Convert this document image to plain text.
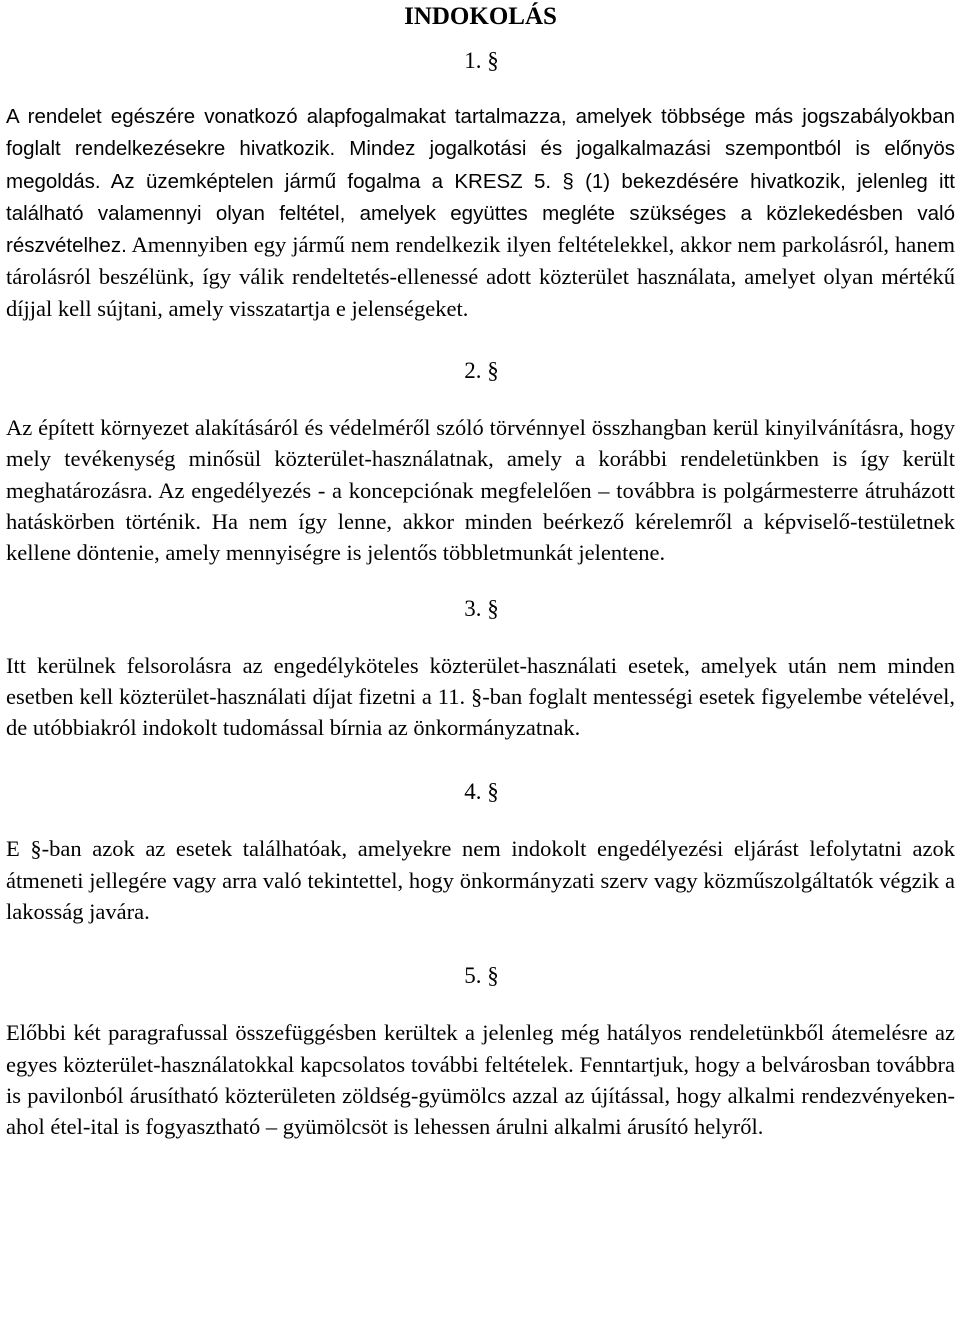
INDOKOLÁS
1. §

A rendelet egészére vonatkozó alapfogalmakat tartalmazza, amelyek többsége más jogszabályokban foglalt rendelkezésekre hivatkozik. Mindez jogalkotási és jogalkalmazási szempontból is előnyös megoldás. Az üzemképtelen jármű fogalma a KRESZ 5. § (1) bekezdésére hivatkozik, jelenleg itt található valamennyi olyan feltétel, amelyek együttes megléte szükséges a közlekedésben való részvételhez. Amennyiben egy jármű nem rendelkezik ilyen feltételekkel, akkor nem parkolásról, hanem tárolásról beszélünk, így válik rendeltetés-ellenessé adott közterület használata, amelyet olyan mértékű díjjal kell sújtani, amely visszatartja e jelenségeket.

2. §

Az épített környezet alakításáról és védelméről szóló törvénnyel összhangban kerül kinyilvánításra, hogy mely tevékenység minősül közterület-használatnak, amely a korábbi rendeletünkben is így került meghatározásra. Az engedélyezés - a koncepciónak megfelelően – továbbra is polgármesterre átruházott hatáskörben történik. Ha nem így lenne, akkor minden beérkező kérelemről a képviselő-testületnek kellene döntenie, amely mennyiségre is jelentős többletmunkát jelentene.

3. §

Itt kerülnek felsorolásra az engedélyköteles közterület-használati esetek, amelyek után nem minden esetben kell közterület-használati díjat fizetni a 11. §-ban foglalt mentességi esetek figyelembe vételével, de utóbbiakról indokolt tudomással bírnia az önkormányzatnak.

4. §

E §-ban azok az esetek találhatóak, amelyekre nem indokolt engedélyezési eljárást lefolytatni azok átmeneti jellegére vagy arra való tekintettel, hogy önkormányzati szerv vagy közműszolgáltatók végzik a lakosság javára.

5. §

Előbbi két paragrafussal összefüggésben kerültek a jelenleg még hatályos rendeletünkből átemelésre az egyes közterület-használatokkal kapcsolatos további feltételek. Fenntartjuk, hogy a belvárosban továbbra is pavilonból árusítható közterületen zöldség-gyümölcs azzal az újítással, hogy alkalmi rendezvényeken- ahol étel-ital is fogyasztható – gyümölcsöt is lehessen árulni alkalmi árusító helyről.
